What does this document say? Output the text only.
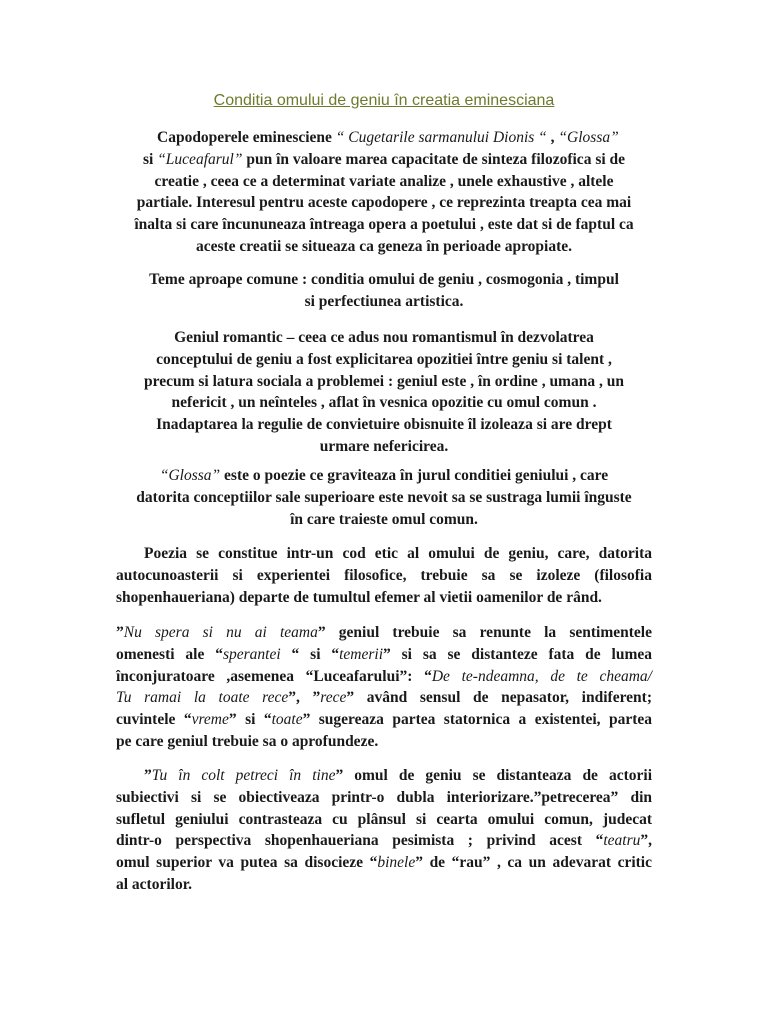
Conditia omului de geniu în creatia eminesciana
Capodoperele eminesciene “ Cugetarile sarmanului Dionis “ , “Glossa”
si “Luceafarul” pun în valoare marea capacitate de sinteza filozofica si de
creatie , ceea ce a determinat variate analize , unele exhaustive , altele
partiale. Interesul pentru aceste capodopere , ce reprezinta treapta cea mai
înalta si care încununeaza întreaga opera a poetului , este dat si de faptul ca
aceste creatii se situeaza ca geneza în perioade apropiate.
Teme aproape comune : conditia omului de geniu , cosmogonia , timpul
si perfectiunea artistica.
Geniul romantic – ceea ce adus nou romantismul în dezvolatrea
conceptului de geniu a fost explicitarea opozitiei între geniu si talent ,
precum si latura sociala a problemei : geniul este , în ordine , umana , un
nefericit , un neînteles , aflat în vesnica opozitie cu omul comun .
Inadaptarea la regulie de convietuire obisnuite îl izoleaza si are drept
urmare nefericirea.
“Glossa” este o poezie ce graviteaza în jurul conditiei geniului , care
datorita conceptiilor sale superioare este nevoit sa se sustraga lumii înguste
în care traieste omul comun.
Poezia se constitue intr-un cod etic al omului de geniu, care, datorita
autocunoasterii si experientei filosofice, trebuie sa se izoleze (filosofia
shopenhaueriana) departe de tumultul efemer al vietii oamenilor de rând.
”Nu spera si nu ai teama” geniul trebuie sa renunte la sentimentele
omenesti ale “sperantei “ si “temerii” si sa se distanteze fata de lumea
înconjuratoare ,asemenea “Luceafarului”: “De te-ndeamna, de te cheama/
Tu ramai la toate rece”, ”rece” având sensul de nepasator, indiferent;
cuvintele “vreme” si “toate” sugereaza partea statornica a existentei, partea
pe care geniul trebuie sa o aprofundeze.
”Tu în colt petreci în tine” omul de geniu se distanteaza de actorii
subiectivi si se obiectiveaza printr-o dubla interiorizare.”petrecerea” din
sufletul geniului contrasteaza cu plânsul si cearta omului comun, judecat
dintr-o perspectiva shopenhaueriana pesimista ; privind acest “teatru”,
omul superior va putea sa disocieze “binele” de “rau” , ca un adevarat critic
al actorilor.
